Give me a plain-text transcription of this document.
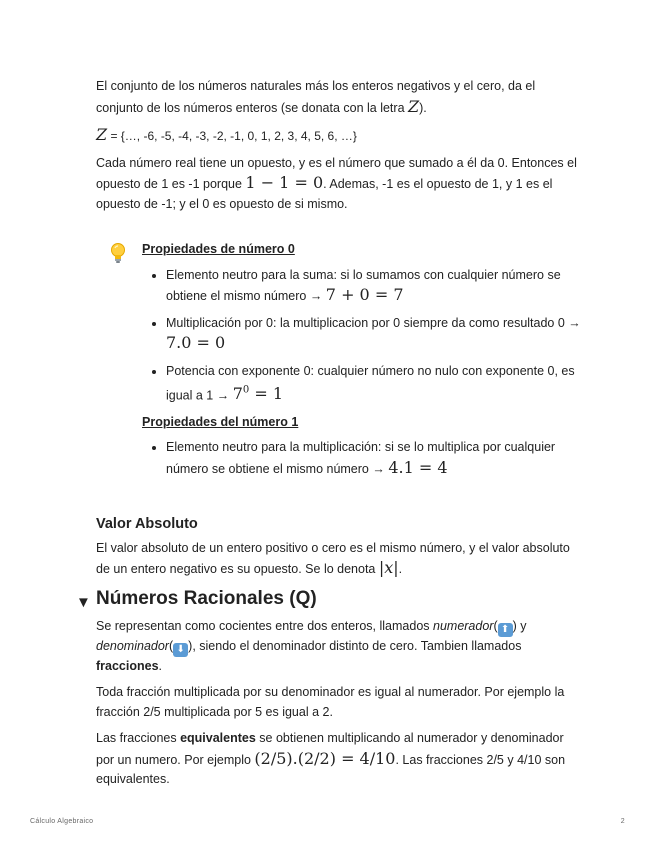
El conjunto de los números naturales más los enteros negativos y el cero, da el conjunto de los números enteros (se donata con la letra Z).

Z = {…, -6, -5, -4, -3, -2, -1, 0, 1, 2, 3, 4, 5, 6, …}

Cada número real tiene un opuesto, y es el número que sumado a él da 0. Entonces el opuesto de 1 es -1 porque 1 − 1 = 0. Ademas, -1 es el opuesto de 1, y 1 es el opuesto de -1; y el 0 es opuesto de si mismo.

Propiedades de número 0
• Elemento neutro para la suma: si lo sumamos con cualquier número se obtiene el mismo número → 7 + 0 = 7
• Multiplicación por 0: la multiplicacion por 0 siempre da como resultado 0 → 7.0 = 0
• Potencia con exponente 0: cualquier número no nulo con exponente 0, es igual a $1 \to 7^0 = 1$
Propiedades del número 1
• Elemento neutro para la multiplicación: si se lo multiplica por cualquier número se obtiene el mismo número → 4.1 = 4
Valor Absoluto

El valor absoluto de un entero positivo o cero es el mismo número, y el valor absoluto de un entero negativo es su opuesto. Se lo denota |x|.

▼ Números Racionales (Q)

Se representan como cocientes entre dos enteros, llamados numerador( ⬆ ) y denominador( ⬇ ), siendo el denominador distinto de cero. Tambien llamados fracciones.

Toda fracción multiplicada por su denominador es igual al numerador. Por ejemplo la fracción 2/5 multiplicada por 5 es igual a 2.

Las fracciones equivalentes se obtienen multiplicando al numerador y denominador por un numero. Por ejemplo (2/5).(2/2) = 4/10. Las fracciones 2/5 y 4/10 son equivalentes.

Cálculo Algebraico	2
